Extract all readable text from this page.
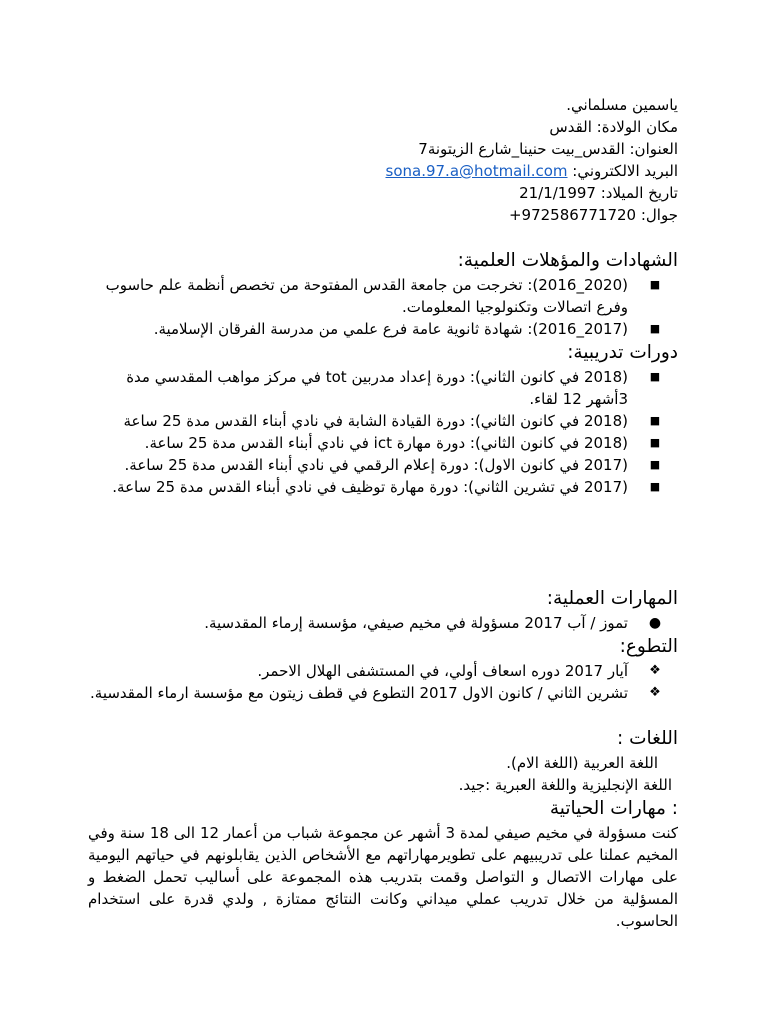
ياسمين مسلماني.
مكان الولادة: القدس
العنوان: القدس_بيت حنينا_شارع الزيتونة7
البريد الالكتروني: sona.97.a@hotmail.com
تاريخ الميلاد: 21/1/1997
جوال: 972586771720+
الشهادات والمؤهلات العلمية:
■
(2020_2016): تخرجت من جامعة القدس المفتوحة من تخصص أنظمة علم حاسوب وفرع اتصالات وتكنولوجيا المعلومات.
■
(2017_2016): شهادة ثانوية عامة فرع علمي من مدرسة الفرقان الإسلامية.
دورات تدريبية:
■
(2018 في كانون الثاني): دورة إعداد مدربين tot في مركز مواهب المقدسي مدة 3أشهر 12 لقاء.
■
(2018 في كانون الثاني): دورة القيادة الشابة في نادي أبناء القدس مدة 25 ساعة
■
(2018 في كانون الثاني): دورة مهارة ict في نادي أبناء القدس مدة 25 ساعة.
■
(2017 في كانون الاول): دورة إعلام الرقمي في نادي أبناء القدس مدة 25 ساعة.
■
(2017 في تشرين الثاني): دورة مهارة توظيف في نادي أبناء القدس مدة 25 ساعة.
المهارات العملية:
●
تموز / آب 2017 مسؤولة في مخيم صيفي، مؤسسة إرماء المقدسية.
التطوع:
❖
آيار 2017 دوره اسعاف أولي، في المستشفى الهلال الاحمر.
❖
تشرين الثاني / كانون الاول 2017 التطوع في قطف زيتون مع مؤسسة ارماء المقدسية.
اللغات :
اللغة العربية (اللغة الام).
اللغة الإنجليزية واللغة العبرية :جيد.
: مهارات الحياتية
كنت مسؤولة في مخيم صيفي لمدة 3 أشهر عن مجموعة شباب من أعمار 12 الى 18 سنة وفي المخيم عملنا على تدريبيهم على تطويرمهاراتهم مع الأشخاص الذين يقابلونهم في حياتهم اليومية على مهارات الاتصال و التواصل وقمت بتدريب هذه المجموعة على أساليب تحمل الضغط و المسؤلية من خلال تدريب عملي ميداني وكانت النتائج ممتازة , ولدي قدرة على استخدام الحاسوب.
